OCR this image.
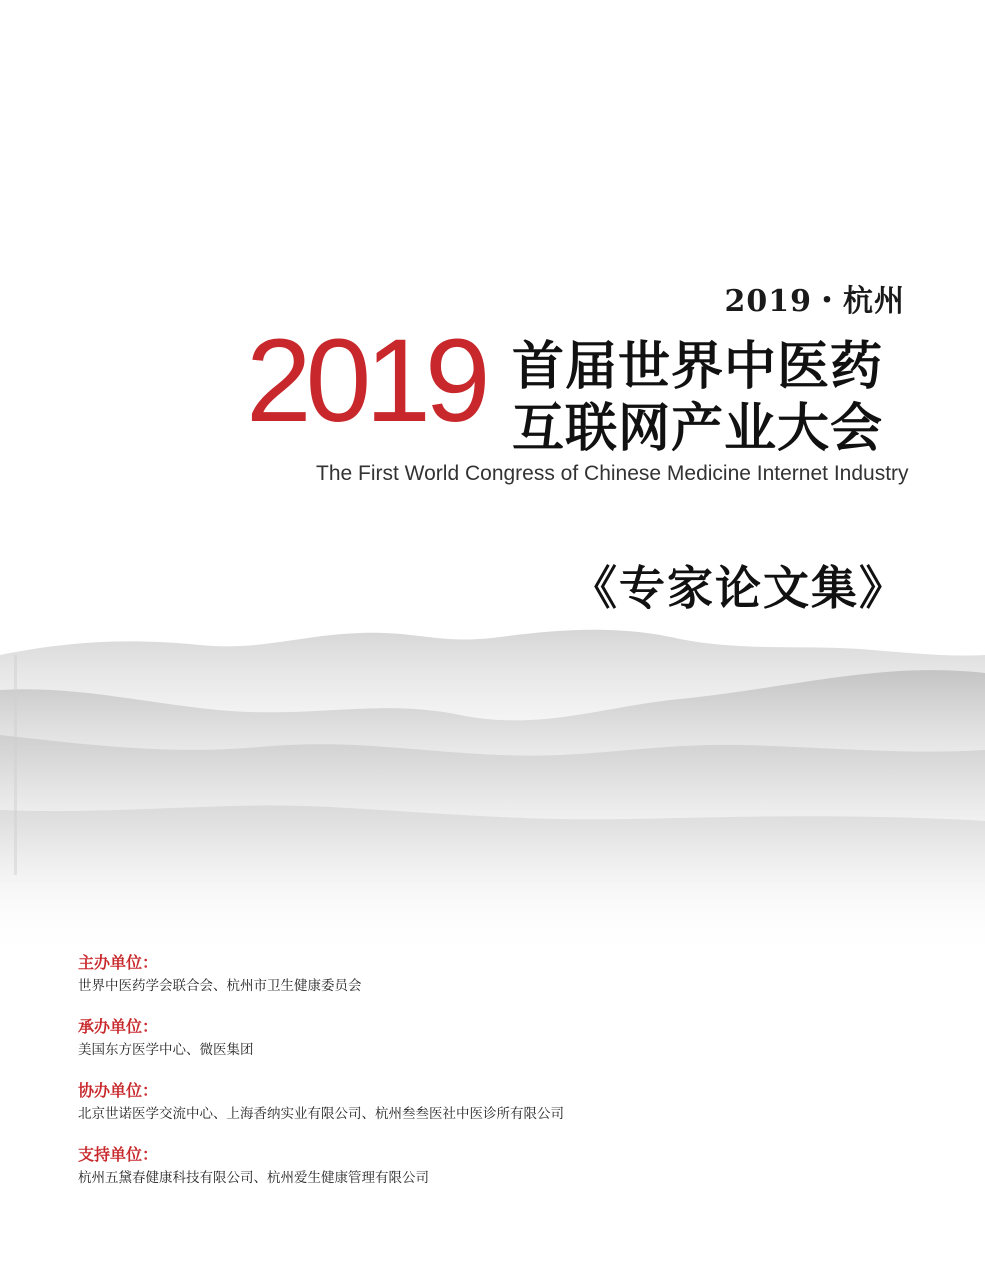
2019・杭州
2019 首届世界中医药
互联网产业大会
The First World Congress of Chinese Medicine Internet Industry
《专家论文集》
主办单位：
世界中医药学会联合会、杭州市卫生健康委员会
承办单位：
美国东方医学中心、微医集团
协办单位：
北京世诺医学交流中心、上海香纳实业有限公司、杭州叁叁医社中医诊所有限公司
支持单位：
杭州五黛春健康科技有限公司、杭州爱生健康管理有限公司
